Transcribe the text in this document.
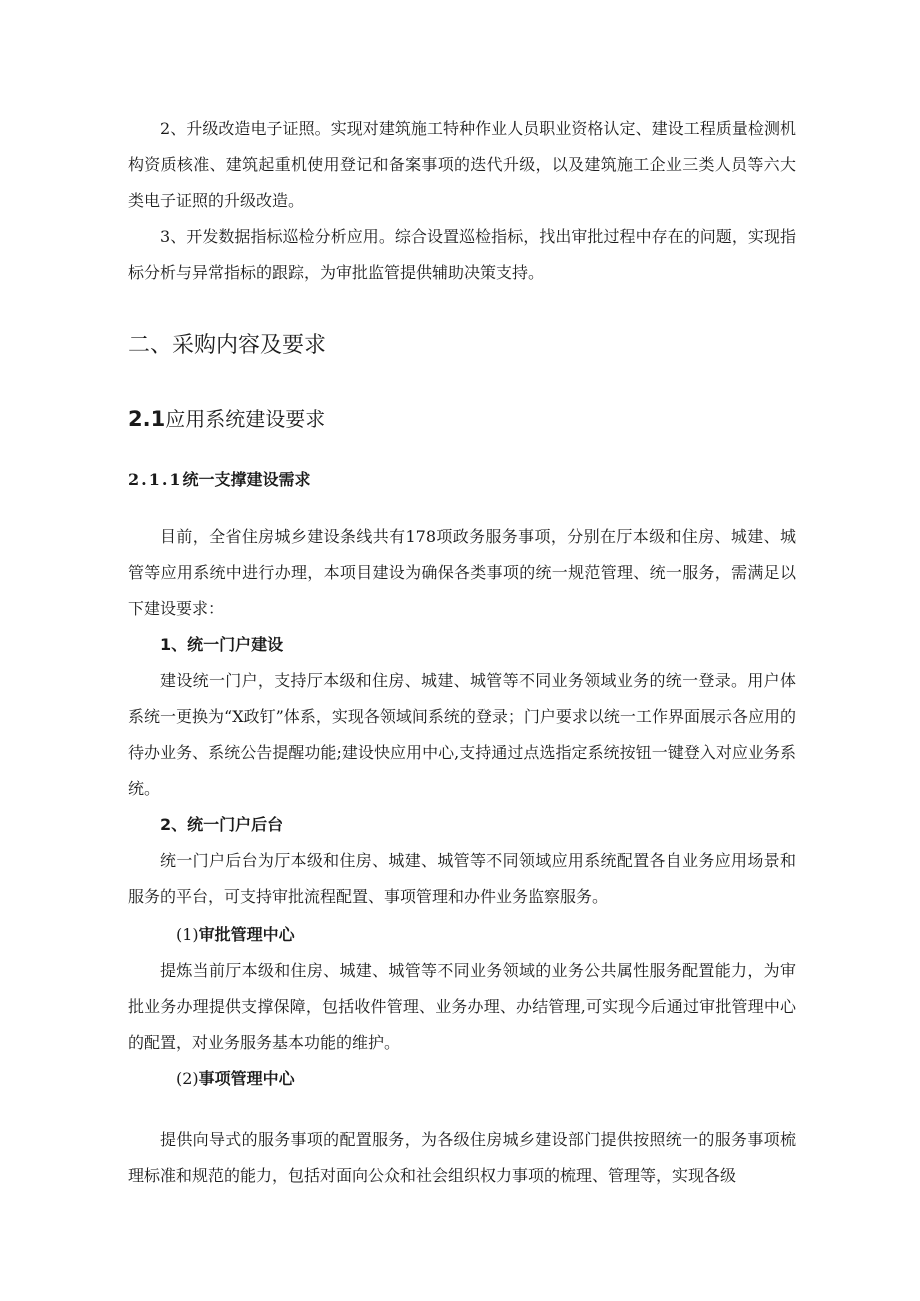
2、升级改造电子证照。实现对建筑施工特种作业人员职业资格认定、建设工程质量检测机构资质核准、建筑起重机使用登记和备案事项的迭代升级，以及建筑施工企业三类人员等六大类电子证照的升级改造。

3、开发数据指标巡检分析应用。综合设置巡检指标，找出审批过程中存在的问题，实现指标分析与异常指标的跟踪，为审批监管提供辅助决策支持。

二、采购内容及要求
2.1应用系统建设要求
2.1.1统一支撑建设需求

目前，全省住房城乡建设条线共有178项政务服务事项，分别在厅本级和住房、城建、城管等应用系统中进行办理，本项目建设为确保各类事项的统一规范管理、统一服务，需满足以下建设要求：

1、统一门户建设

建设统一门户，支持厅本级和住房、城建、城管等不同业务领域业务的统一登录。用户体系统一更换为“X政钉”体系，实现各领域间系统的登录；门户要求以统一工作界面展示各应用的待办业务、系统公告提醒功能;建设快应用中心,支持通过点选指定系统按钮一键登入对应业务系统。

2、统一门户后台

统一门户后台为厅本级和住房、城建、城管等不同领域应用系统配置各自业务应用场景和服务的平台，可支持审批流程配置、事项管理和办件业务监察服务。

(1)审批管理中心

提炼当前厅本级和住房、城建、城管等不同业务领域的业务公共属性服务配置能力，为审批业务办理提供支撑保障，包括收件管理、业务办理、办结管理,可实现今后通过审批管理中心的配置，对业务服务基本功能的维护。

(2)事项管理中心

提供向导式的服务事项的配置服务，为各级住房城乡建设部门提供按照统一的服务事项梳理标准和规范的能力，包括对面向公众和社会组织权力事项的梳理、管理等，实现各级
